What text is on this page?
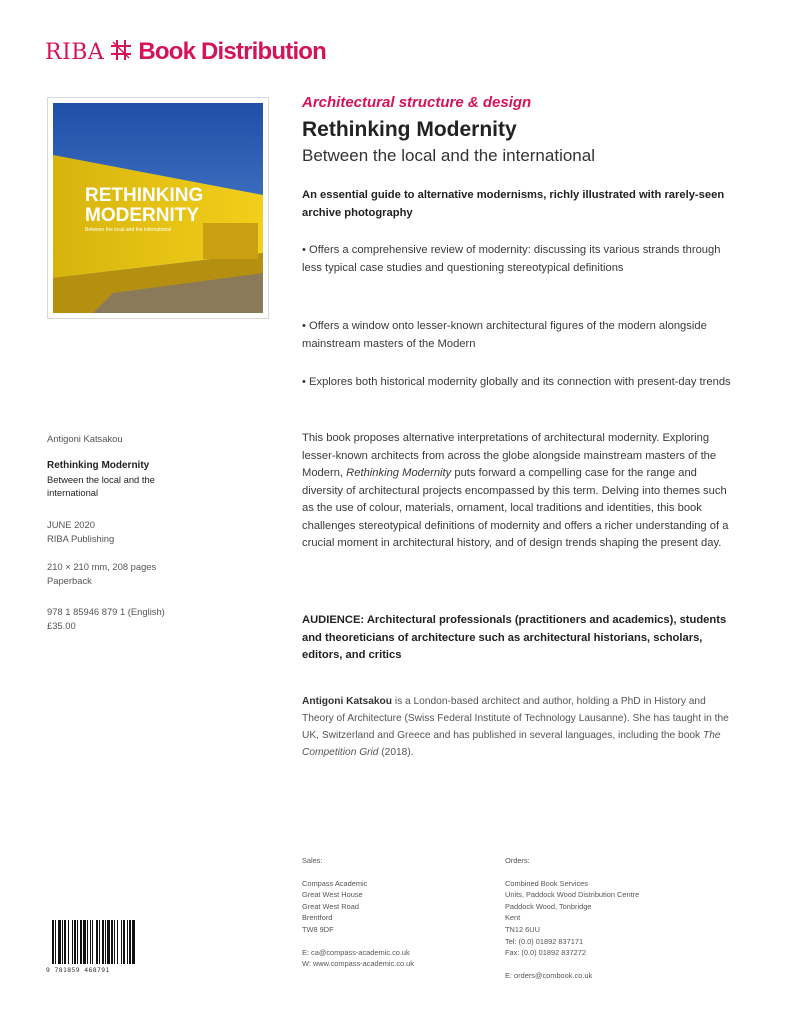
RIBA Book Distribution
RETHINKING
MODERNITY
Between the local and the international
Architectural structure & design
Rethinking Modernity
Between the local and the international
An essential guide to alternative modernisms, richly illustrated with rarely-seen archive photography
• Offers a comprehensive review of modernity: discussing its various strands through less typical case studies and questioning stereotypical definitions
• Offers a window onto lesser-known architectural figures of the modern alongside mainstream masters of the Modern
• Explores both historical modernity globally and its connection with present-day trends
This book proposes alternative interpretations of architectural modernity. Exploring lesser-known architects from across the globe alongside mainstream masters of the Modern, Rethinking Modernity puts forward a compelling case for the range and diversity of architectural projects encompassed by this term. Delving into themes such as the use of colour, materials, ornament, local traditions and identities, this book challenges stereotypical definitions of modernity and offers a richer understanding of a crucial moment in architectural history, and of design trends shaping the present day.
AUDIENCE: Architectural professionals (practitioners and academics), students and theoreticians of architecture such as architectural historians, scholars, editors, and critics
Antigoni Katsakou is a London-based architect and author, holding a PhD in History and Theory of Architecture (Swiss Federal Institute of Technology Lausanne). She has taught in the UK, Switzerland and Greece and has published in several languages, including the book The Competition Grid (2018).
Antigoni Katsakou
Rethinking Modernity
Between the local and the
international
JUNE 2020
RIBA Publishing
210 × 210 mm, 208 pages
Paperback
978 1 85946 879 1 (English)
£35.00
Sales:
Compass Academic
Great West House
Great West Road
Brentford
TW8 9DF
E: ca@compass-academic.co.uk
W: www.compass-academic.co.uk
Orders:
Combined Book Services
Units, Paddock Wood Distribution Centre
Paddock Wood, Tonbridge
Kent
TN12 6UU
Tel: (0.0) 01892 837171
Fax: (0.0) 01892 837272
E: orders@combook.co.uk
9 781859 468791
